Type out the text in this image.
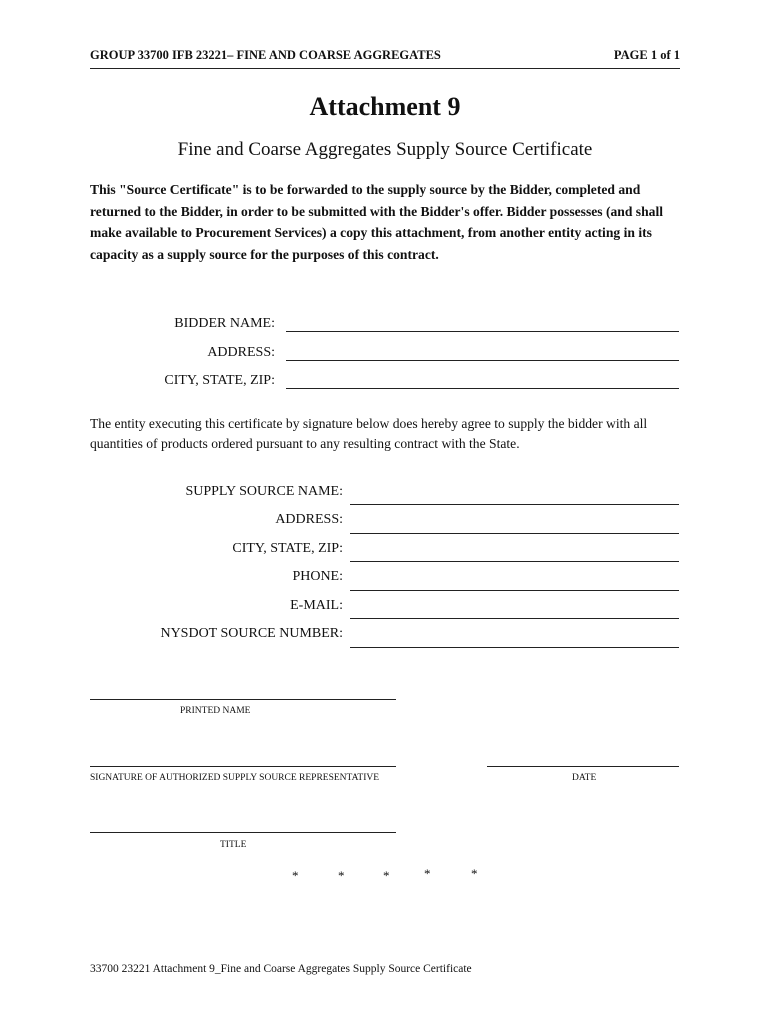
GROUP 33700 IFB 23221– FINE AND COARSE AGGREGATES	PAGE 1 of 1
Attachment 9
Fine and Coarse Aggregates Supply Source Certificate
This "Source Certificate" is to be forwarded to the supply source by the Bidder, completed and returned to the Bidder, in order to be submitted with the Bidder's offer. Bidder possesses (and shall make available to Procurement Services) a copy this attachment, from another entity acting in its capacity as a supply source for the purposes of this contract.
BIDDER NAME:
ADDRESS:
CITY, STATE, ZIP:
The entity executing this certificate by signature below does hereby agree to supply the bidder with all quantities of products ordered pursuant to any resulting contract with the State.
SUPPLY SOURCE NAME:
ADDRESS:
CITY, STATE, ZIP:
PHONE:
E-MAIL:
NYSDOT SOURCE NUMBER:
PRINTED NAME
SIGNATURE OF AUTHORIZED SUPPLY SOURCE REPRESENTATIVE	DATE
TITLE
*	*	*	*	*
33700 23221 Attachment 9_Fine and Coarse Aggregates Supply Source Certificate
